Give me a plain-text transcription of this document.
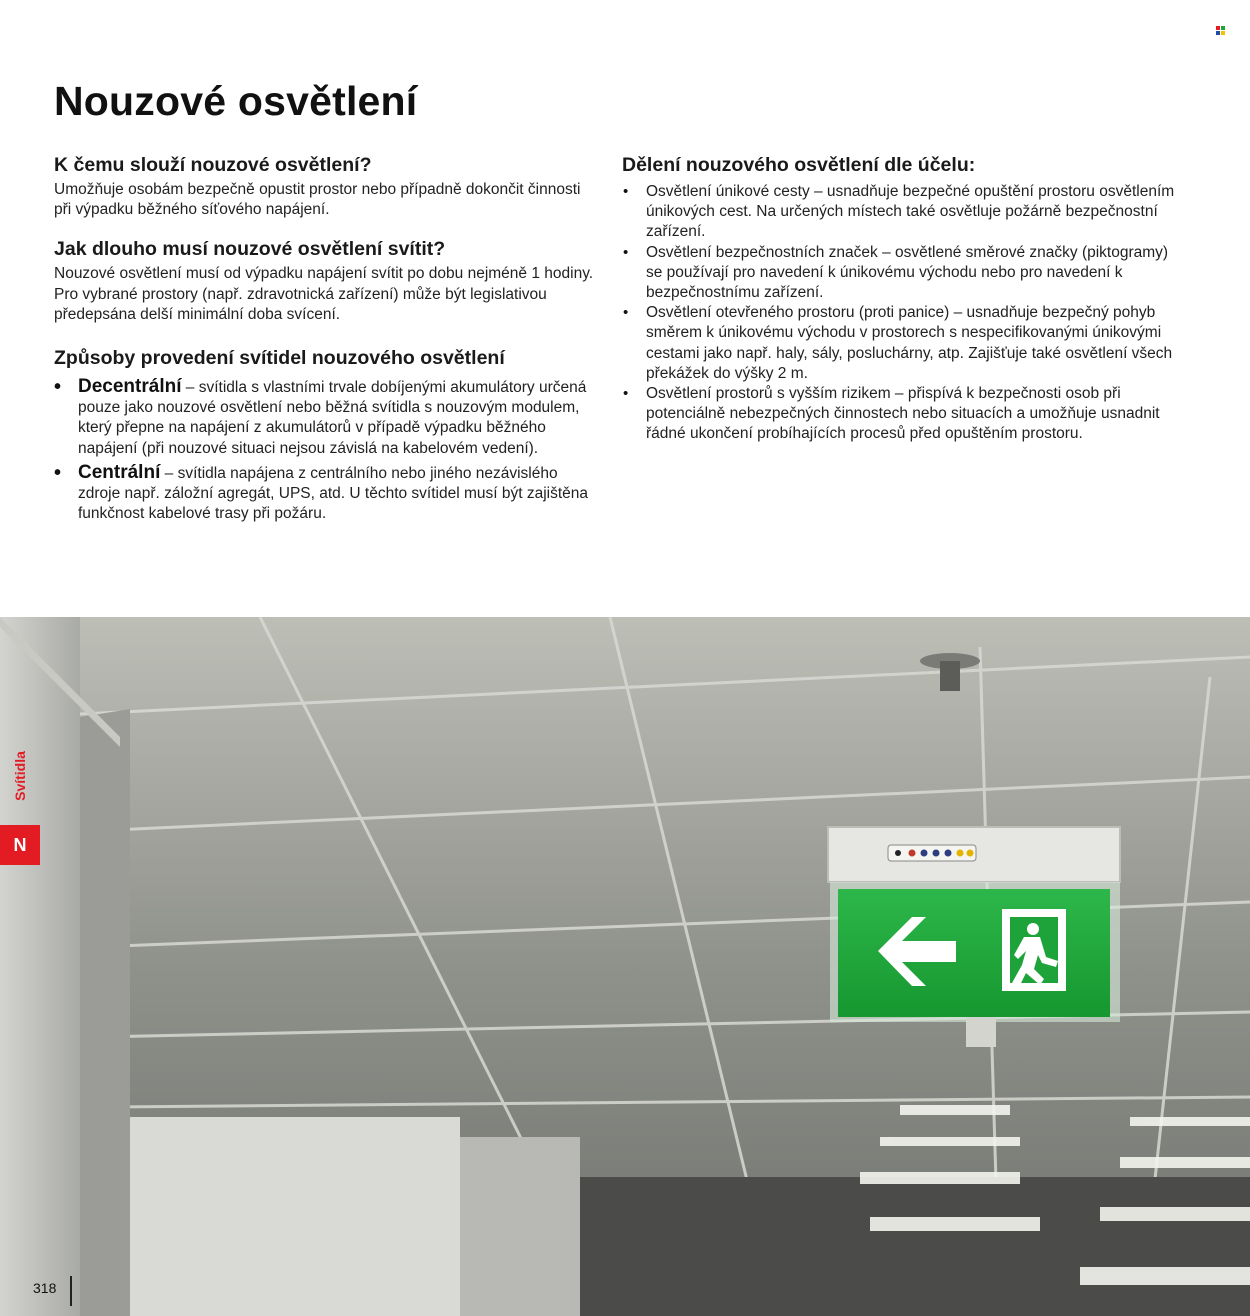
Nouzové osvětlení
K čemu slouží nouzové osvětlení?

Umožňuje osobám bezpečně opustit prostor nebo případně dokončit činnosti při výpadku běžného síťového napájení.

Jak dlouho musí nouzové osvětlení svítit?

Nouzové osvětlení musí od výpadku napájení svítit po dobu nejméně 1 hodiny. Pro vybrané prostory (např. zdravotnická zařízení) může být legislativou předepsána delší minimální doba svícení.

Způsoby provedení svítidel nouzového osvětlení
• Decentrální – svítidla s vlastními trvale dobíjenými akumulátory určená pouze jako nouzové osvětlení nebo běžná svítidla s nouzovým modulem, který přepne na napájení z akumulátorů v případě výpadku běžného napájení (při nouzové situaci nejsou závislá na kabelovém vedení).
• Centrální – svítidla napájena z centrálního nebo jiného nezávislého zdroje např. záložní agregát, UPS, atd. U těchto svítidel musí být zajištěna funkčnost kabelové trasy při požáru.
Dělení nouzového osvětlení dle účelu:
• Osvětlení únikové cesty – usnadňuje bezpečné opuštění prostoru osvětlením únikových cest. Na určených místech také osvětluje požárně bezpečnostní zařízení.
• Osvětlení bezpečnostních značek – osvětlené směrové značky (piktogramy) se používají pro navedení k únikovému východu nebo pro navedení k bezpečnostnímu zařízení.
• Osvětlení otevřeného prostoru (proti panice) – usnadňuje bezpečný pohyb směrem k únikovému východu v prostorech s nespecifikovanými únikovými cestami jako např. haly, sály, posluchárny, atp. Zajišťuje také osvětlení všech překážek do výšky 2 m.
• Osvětlení prostorů s vyšším rizikem – přispívá k bezpečnosti osob při potenciálně nebezpečných činnostech nebo situacích a umožňuje usnadnit řádné ukončení probíhajících procesů před opuštěním prostoru.
Svítidla
N
318
